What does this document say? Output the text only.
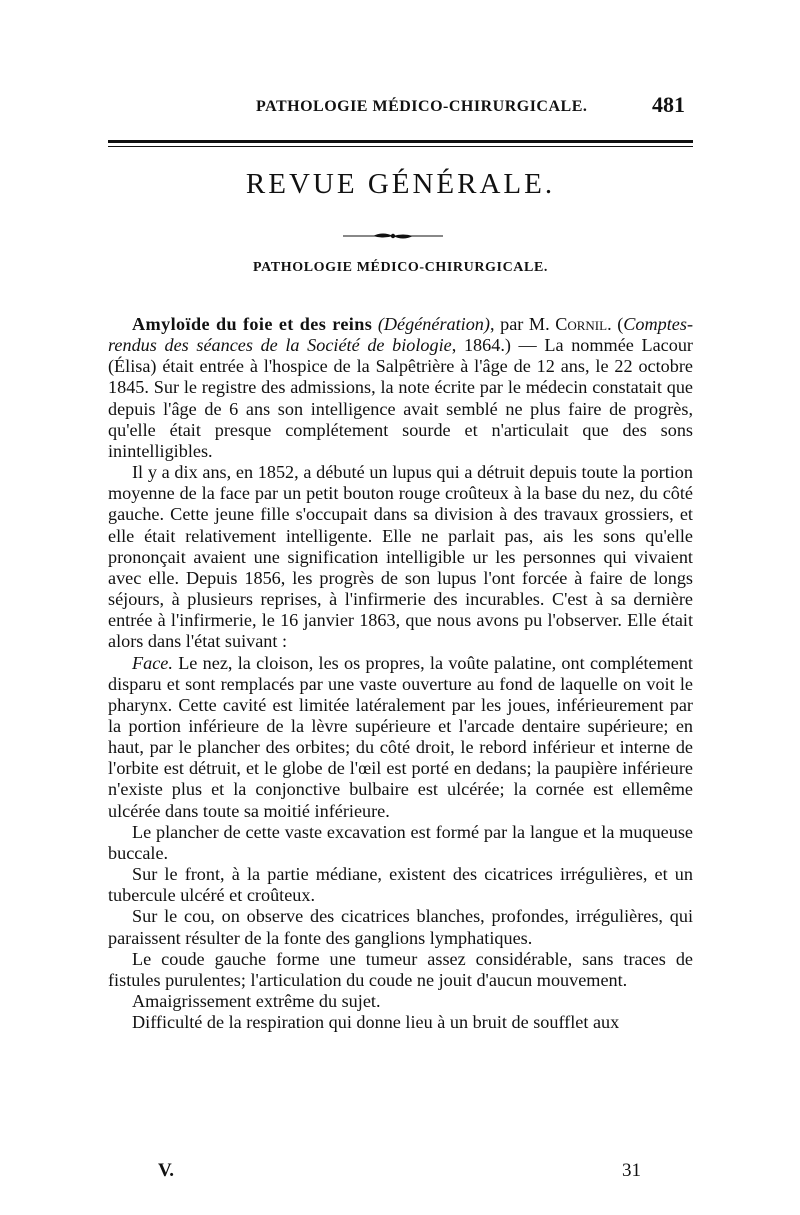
PATHOLOGIE MÉDICO-CHIRURGICALE.	481
REVUE GÉNÉRALE.
PATHOLOGIE MÉDICO-CHIRURGICALE.

Amyloïde du foie et des reins (Dégénération), par M. Cornil. (Comptes-rendus des séances de la Société de biologie, 1864.) — La nommée Lacour (Élisa) était entrée à l'hospice de la Salpêtrière à l'âge de 12 ans, le 22 octobre 1845. Sur le registre des admissions, la note écrite par le médecin constatait que depuis l'âge de 6 ans son intelligence avait semblé ne plus faire de progrès, qu'elle était presque complétement sourde et n'articulait que des sons inintelligibles.

Il y a dix ans, en 1852, a débuté un lupus qui a détruit depuis toute la portion moyenne de la face par un petit bouton rouge croûteux à la base du nez, du côté gauche. Cette jeune fille s'occupait dans sa division à des travaux grossiers, et elle était relativement intelligente. Elle ne parlait pas, ais les sons qu'elle prononçait avaient une signification intelligible ur les personnes qui vivaient avec elle. Depuis 1856, les progrès de son lupus l'ont forcée à faire de longs séjours, à plusieurs reprises, à l'infirmerie des incurables. C'est à sa dernière entrée à l'infirmerie, le 16 janvier 1863, que nous avons pu l'observer. Elle était alors dans l'état suivant :

Face. Le nez, la cloison, les os propres, la voûte palatine, ont complétement disparu et sont remplacés par une vaste ouverture au fond de laquelle on voit le pharynx. Cette cavité est limitée latéralement par les joues, inférieurement par la portion inférieure de la lèvre supérieure et l'arcade dentaire supérieure; en haut, par le plancher des orbites; du côté droit, le rebord inférieur et interne de l'orbite est détruit, et le globe de l'œil est porté en dedans; la paupière inférieure n'existe plus et la conjonctive bulbaire est ulcérée; la cornée est ellemême ulcérée dans toute sa moitié inférieure.

Le plancher de cette vaste excavation est formé par la langue et la muqueuse buccale.

Sur le front, à la partie médiane, existent des cicatrices irrégulières, et un tubercule ulcéré et croûteux.

Sur le cou, on observe des cicatrices blanches, profondes, irrégulières, qui paraissent résulter de la fonte des ganglions lymphatiques.

Le coude gauche forme une tumeur assez considérable, sans traces de fistules purulentes; l'articulation du coude ne jouit d'aucun mouvement.

Amaigrissement extrême du sujet.

Difficulté de la respiration qui donne lieu à un bruit de soufflet aux

V.	31
